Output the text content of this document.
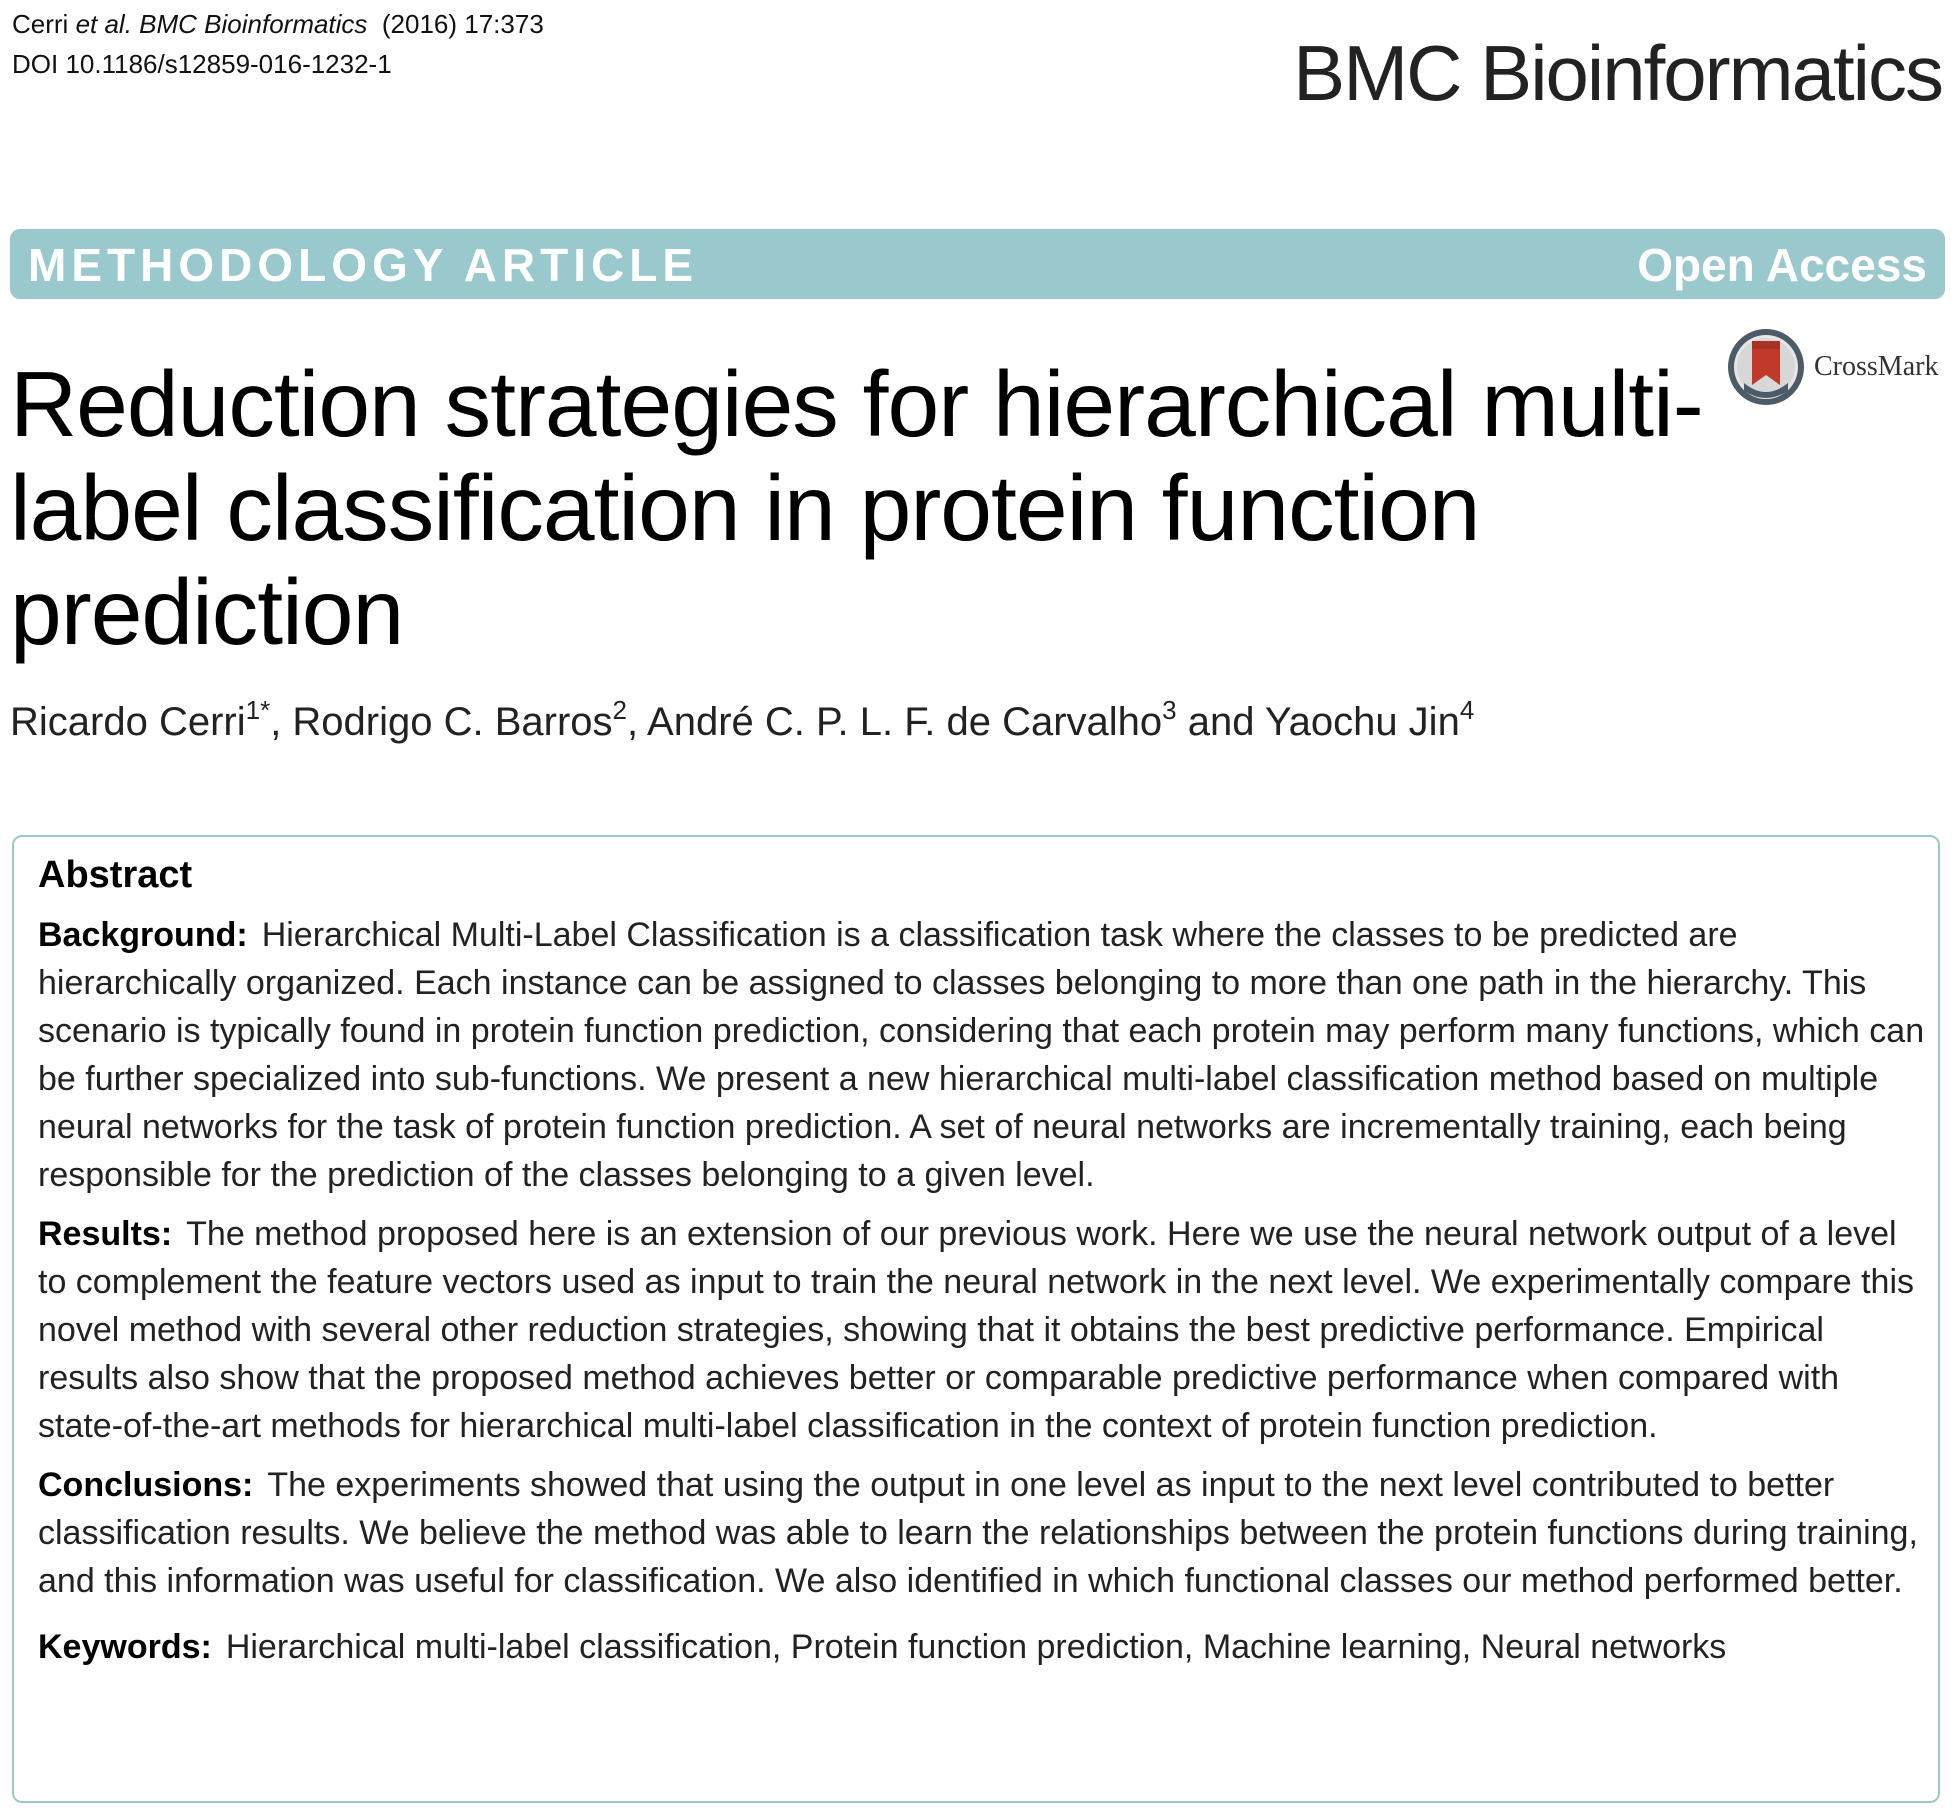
Cerri et al. BMC Bioinformatics  (2016) 17:373
DOI 10.1186/s12859-016-1232-1	BMC Bioinformatics
METHODOLOGY ARTICLE	Open Access
CrossMark
Reduction strategies for hierarchical multi-label classification in protein function prediction
Ricardo Cerri$^{1*}$, Rodrigo C. Barros$^2$, André C. P. L. F. de Carvalho$^3$ and Yaochu Jin$^4$
Abstract
Background: Hierarchical Multi-Label Classification is a classification task where the classes to be predicted are hierarchically organized. Each instance can be assigned to classes belonging to more than one path in the hierarchy. This scenario is typically found in protein function prediction, considering that each protein may perform many functions, which can be further specialized into sub-functions. We present a new hierarchical multi-label classification method based on multiple neural networks for the task of protein function prediction. A set of neural networks are incrementally training, each being responsible for the prediction of the classes belonging to a given level.
Results: The method proposed here is an extension of our previous work. Here we use the neural network output of a level to complement the feature vectors used as input to train the neural network in the next level. We experimentally compare this novel method with several other reduction strategies, showing that it obtains the best predictive performance. Empirical results also show that the proposed method achieves better or comparable predictive performance when compared with state-of-the-art methods for hierarchical multi-label classification in the context of protein function prediction.
Conclusions: The experiments showed that using the output in one level as input to the next level contributed to better classification results. We believe the method was able to learn the relationships between the protein functions during training, and this information was useful for classification. We also identified in which functional classes our method performed better.
Keywords: Hierarchical multi-label classification, Protein function prediction, Machine learning, Neural networks
